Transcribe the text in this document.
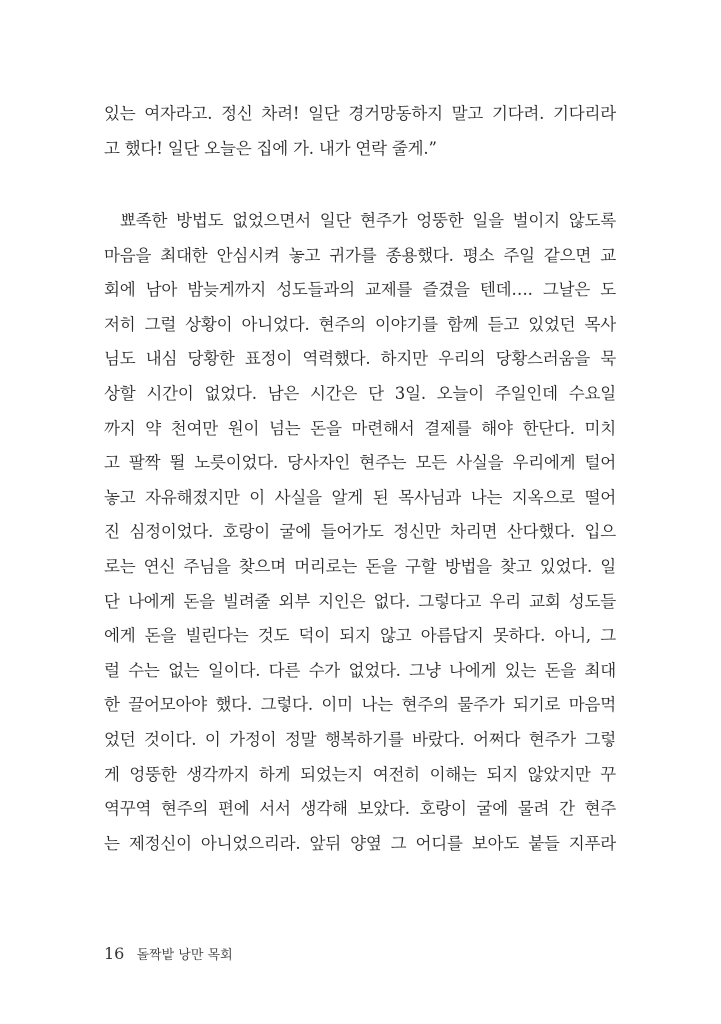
있는 여자라고. 정신 차려! 일단 경거망동하지 말고 기다려. 기다리라
고 했다! 일단 오늘은 집에 가. 내가 연락 줄게.”
뾰족한 방법도 없었으면서 일단 현주가 엉뚱한 일을 벌이지 않도록
마음을 최대한 안심시켜 놓고 귀가를 종용했다. 평소 주일 같으면 교
회에 남아 밤늦게까지 성도들과의 교제를 즐겼을 텐데…. 그날은 도
저히 그럴 상황이 아니었다. 현주의 이야기를 함께 듣고 있었던 목사
님도 내심 당황한 표정이 역력했다. 하지만 우리의 당황스러움을 묵
상할 시간이 없었다. 남은 시간은 단 3일. 오늘이 주일인데 수요일
까지 약 천여만 원이 넘는 돈을 마련해서 결제를 해야 한단다. 미치
고 팔짝 뛸 노릇이었다. 당사자인 현주는 모든 사실을 우리에게 털어
놓고 자유해졌지만 이 사실을 알게 된 목사님과 나는 지옥으로 떨어
진 심정이었다. 호랑이 굴에 들어가도 정신만 차리면 산다했다. 입으
로는 연신 주님을 찾으며 머리로는 돈을 구할 방법을 찾고 있었다. 일
단 나에게 돈을 빌려줄 외부 지인은 없다. 그렇다고 우리 교회 성도들
에게 돈을 빌린다는 것도 덕이 되지 않고 아름답지 못하다. 아니, 그
럴 수는 없는 일이다. 다른 수가 없었다. 그냥 나에게 있는 돈을 최대
한 끌어모아야 했다. 그렇다. 이미 나는 현주의 물주가 되기로 마음먹
었던 것이다. 이 가정이 정말 행복하기를 바랐다. 어쩌다 현주가 그렇
게 엉뚱한 생각까지 하게 되었는지 여전히 이해는 되지 않았지만 꾸
역꾸역 현주의 편에 서서 생각해 보았다. 호랑이 굴에 물려 간 현주
는 제정신이 아니었으리라. 앞뒤 양옆 그 어디를 보아도 붙들 지푸라
16 돌짝밭 낭만 목회
